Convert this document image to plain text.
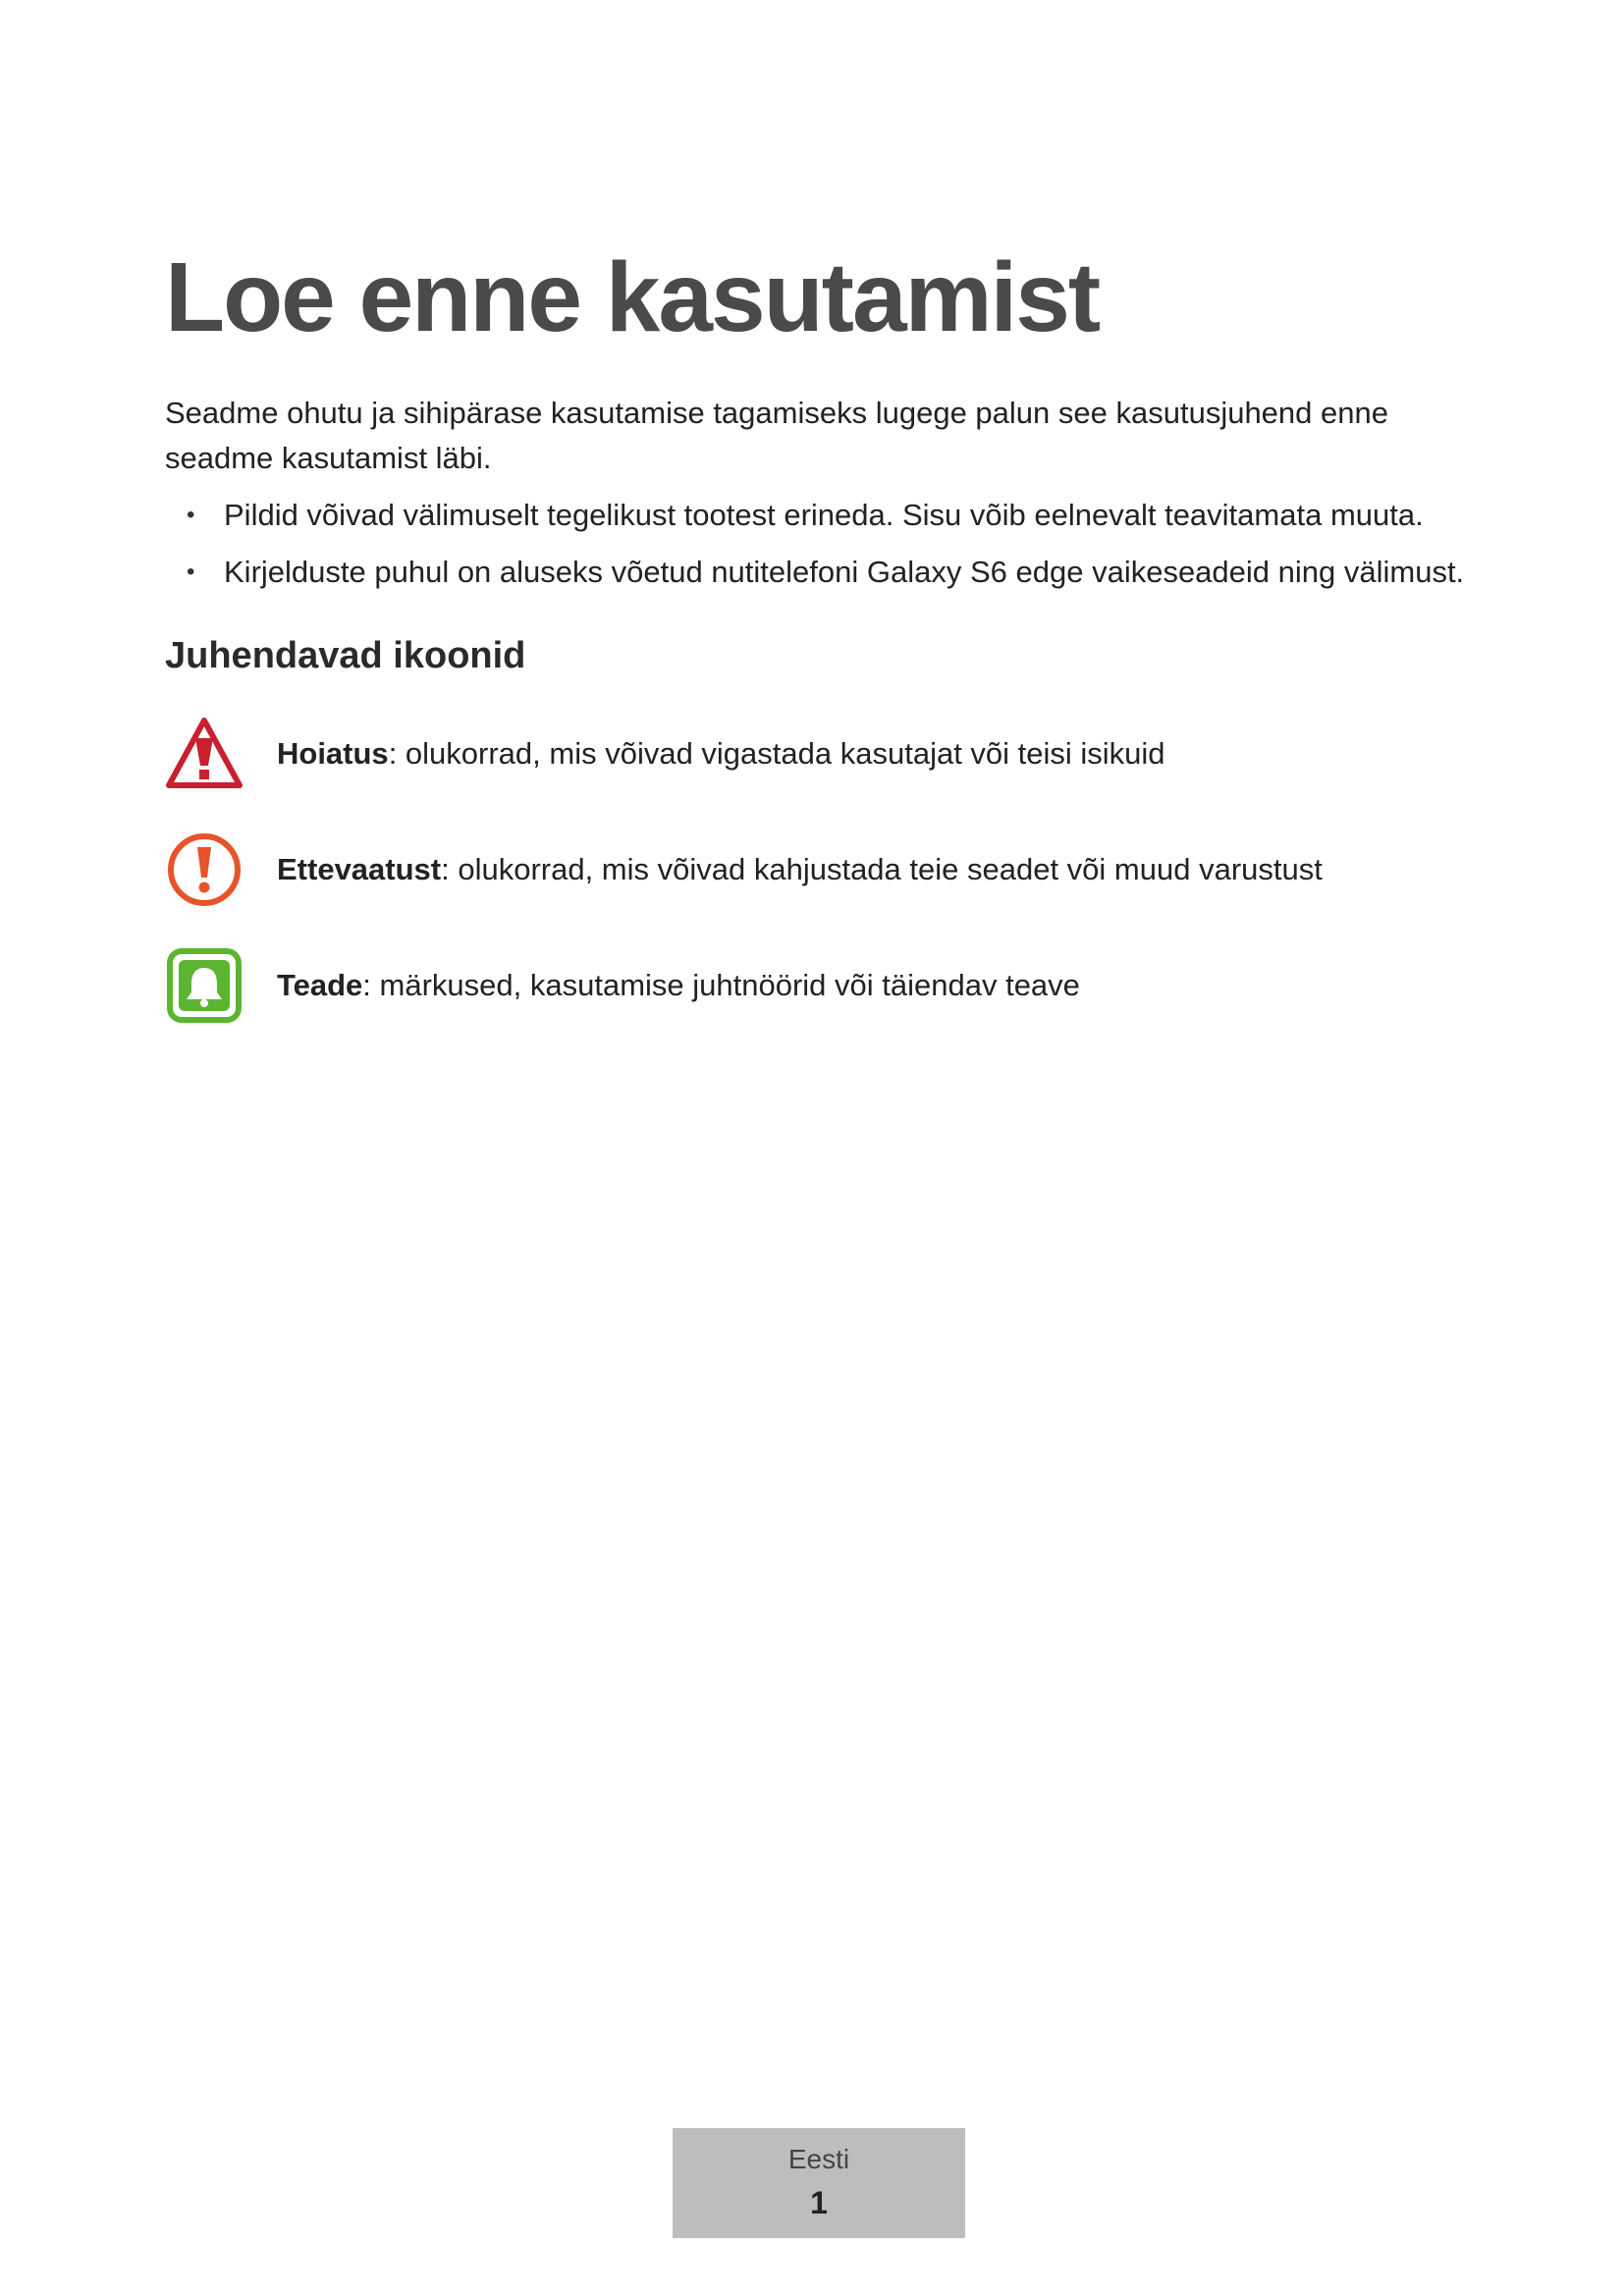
Loe enne kasutamist

Seadme ohutu ja sihipärase kasutamise tagamiseks lugege palun see kasutusjuhend enne seadme kasutamist läbi.

• Pildid võivad välimuselt tegelikust tootest erineda. Sisu võib eelnevalt teavitamata muuta.
• Kirjelduste puhul on aluseks võetud nutitelefoni Galaxy S6 edge vaikeseadeid ning välimust.
Juhendavad ikoonid
Hoiatus: olukorrad, mis võivad vigastada kasutajat või teisi isikuid
Ettevaatust: olukorrad, mis võivad kahjustada teie seadet või muud varustust
Teade: märkused, kasutamise juhtnöörid või täiendav teave
Eesti
1
